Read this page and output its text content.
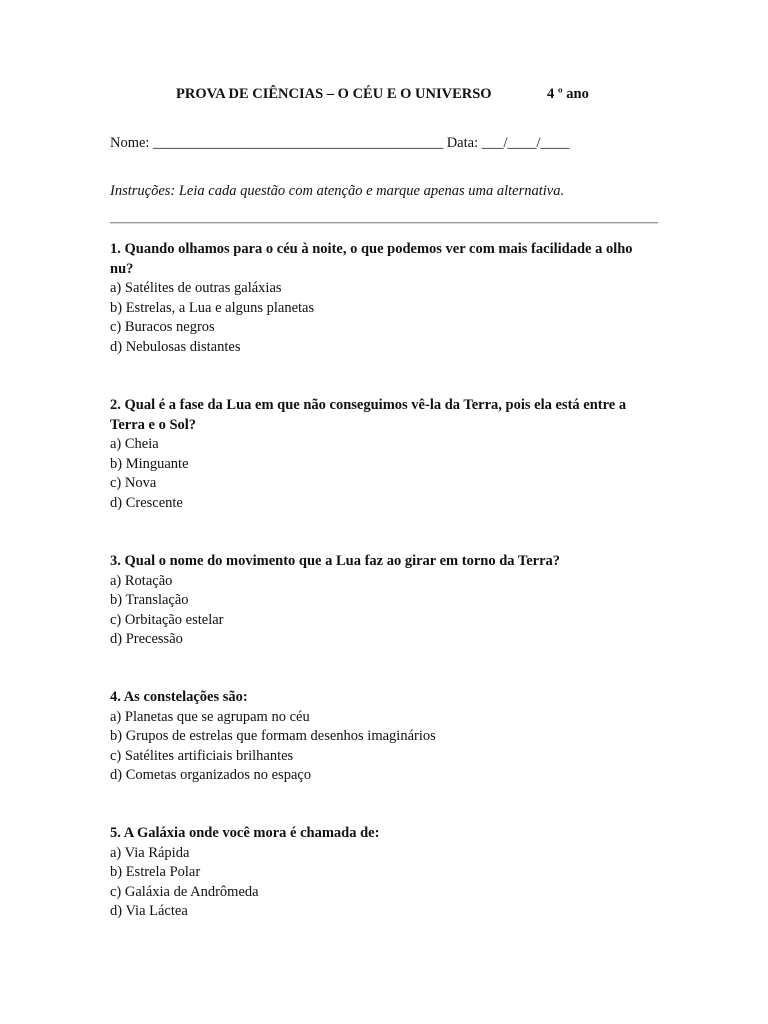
PROVA DE CIÊNCIAS – O CÉU E O UNIVERSO	4 º ano
Nome: ________________________________________ Data: ___/____/____
Instruções: Leia cada questão com atenção e marque apenas uma alternativa.
1. Quando olhamos para o céu à noite, o que podemos ver com mais facilidade a olho nu?
a) Satélites de outras galáxias
b) Estrelas, a Lua e alguns planetas
c) Buracos negros
d) Nebulosas distantes
2. Qual é a fase da Lua em que não conseguimos vê-la da Terra, pois ela está entre a Terra e o Sol?
a) Cheia
b) Minguante
c) Nova
d) Crescente
3. Qual o nome do movimento que a Lua faz ao girar em torno da Terra?
a) Rotação
b) Translação
c) Orbitação estelar
d) Precessão
4. As constelações são:
a) Planetas que se agrupam no céu
b) Grupos de estrelas que formam desenhos imaginários
c) Satélites artificiais brilhantes
d) Cometas organizados no espaço
5. A Galáxia onde você mora é chamada de:
a) Via Rápida
b) Estrela Polar
c) Galáxia de Andrômeda
d) Via Láctea
